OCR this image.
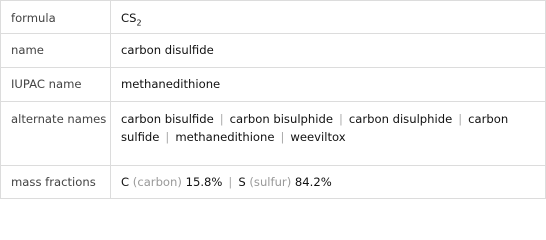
formula	$CS_2$
name	carbon disulfide
IUPAC name	methanedithione
alternate names	carbon bisulfide | carbon bisulphide | carbon disulphide | carbon sulfide | methanedithione | weeviltox
mass fractions	C (carbon) 15.8% | S (sulfur) 84.2%
